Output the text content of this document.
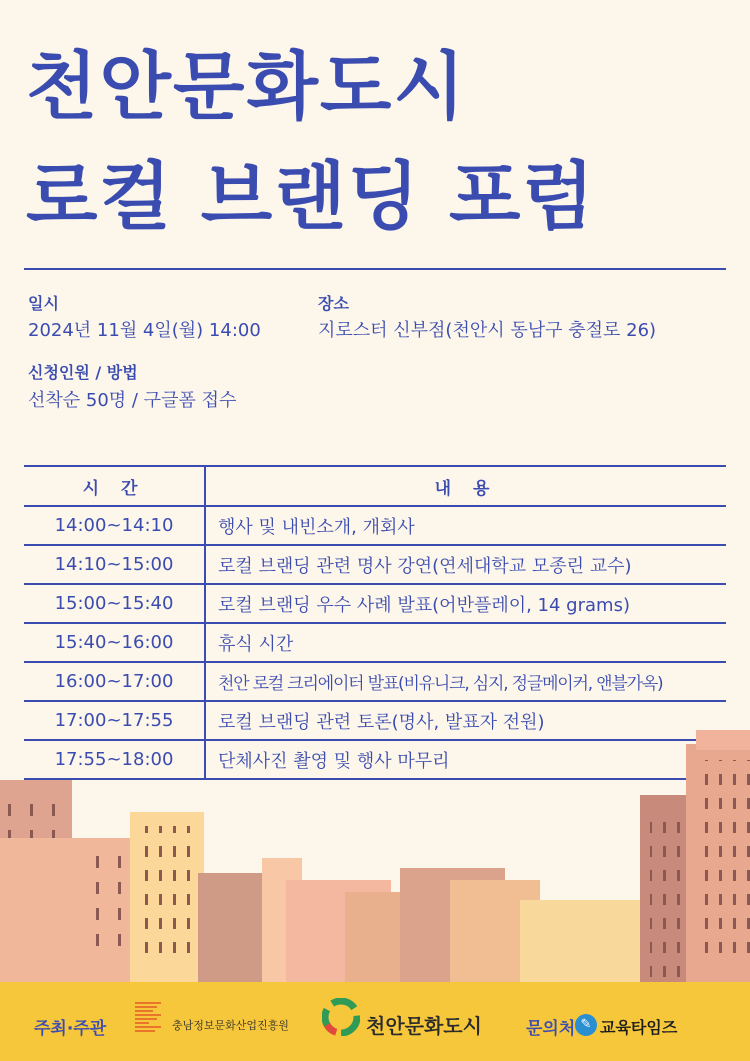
천안문화도시
로컬 브랜딩 포럼
일시
2024년 11월 4일(월) 14:00
장소
지로스터 신부점(천안시 동남구 충절로 26)
신청인원 / 방법
선착순 50명 / 구글폼 접수
시 간	내 용
14:00~14:10	행사 및 내빈소개, 개회사
14:10~15:00	로컬 브랜딩 관련 명사 강연(연세대학교 모종린 교수)
15:00~15:40	로컬 브랜딩 우수 사례 발표(어반플레이, 14 grams)
15:40~16:00	휴식 시간
16:00~17:00	천안 로컬 크리에이터 발표(비유니크, 심지, 정글메이커, 앤블가옥)
17:00~17:55	로컬 브랜딩 관련 토론(명사, 발표자 전원)
17:55~18:00	단체사진 촬영 및 행사 마무리
주최·주관	충남정보문화산업진흥원	천안문화도시	문의처 ✎ 교육타임즈
